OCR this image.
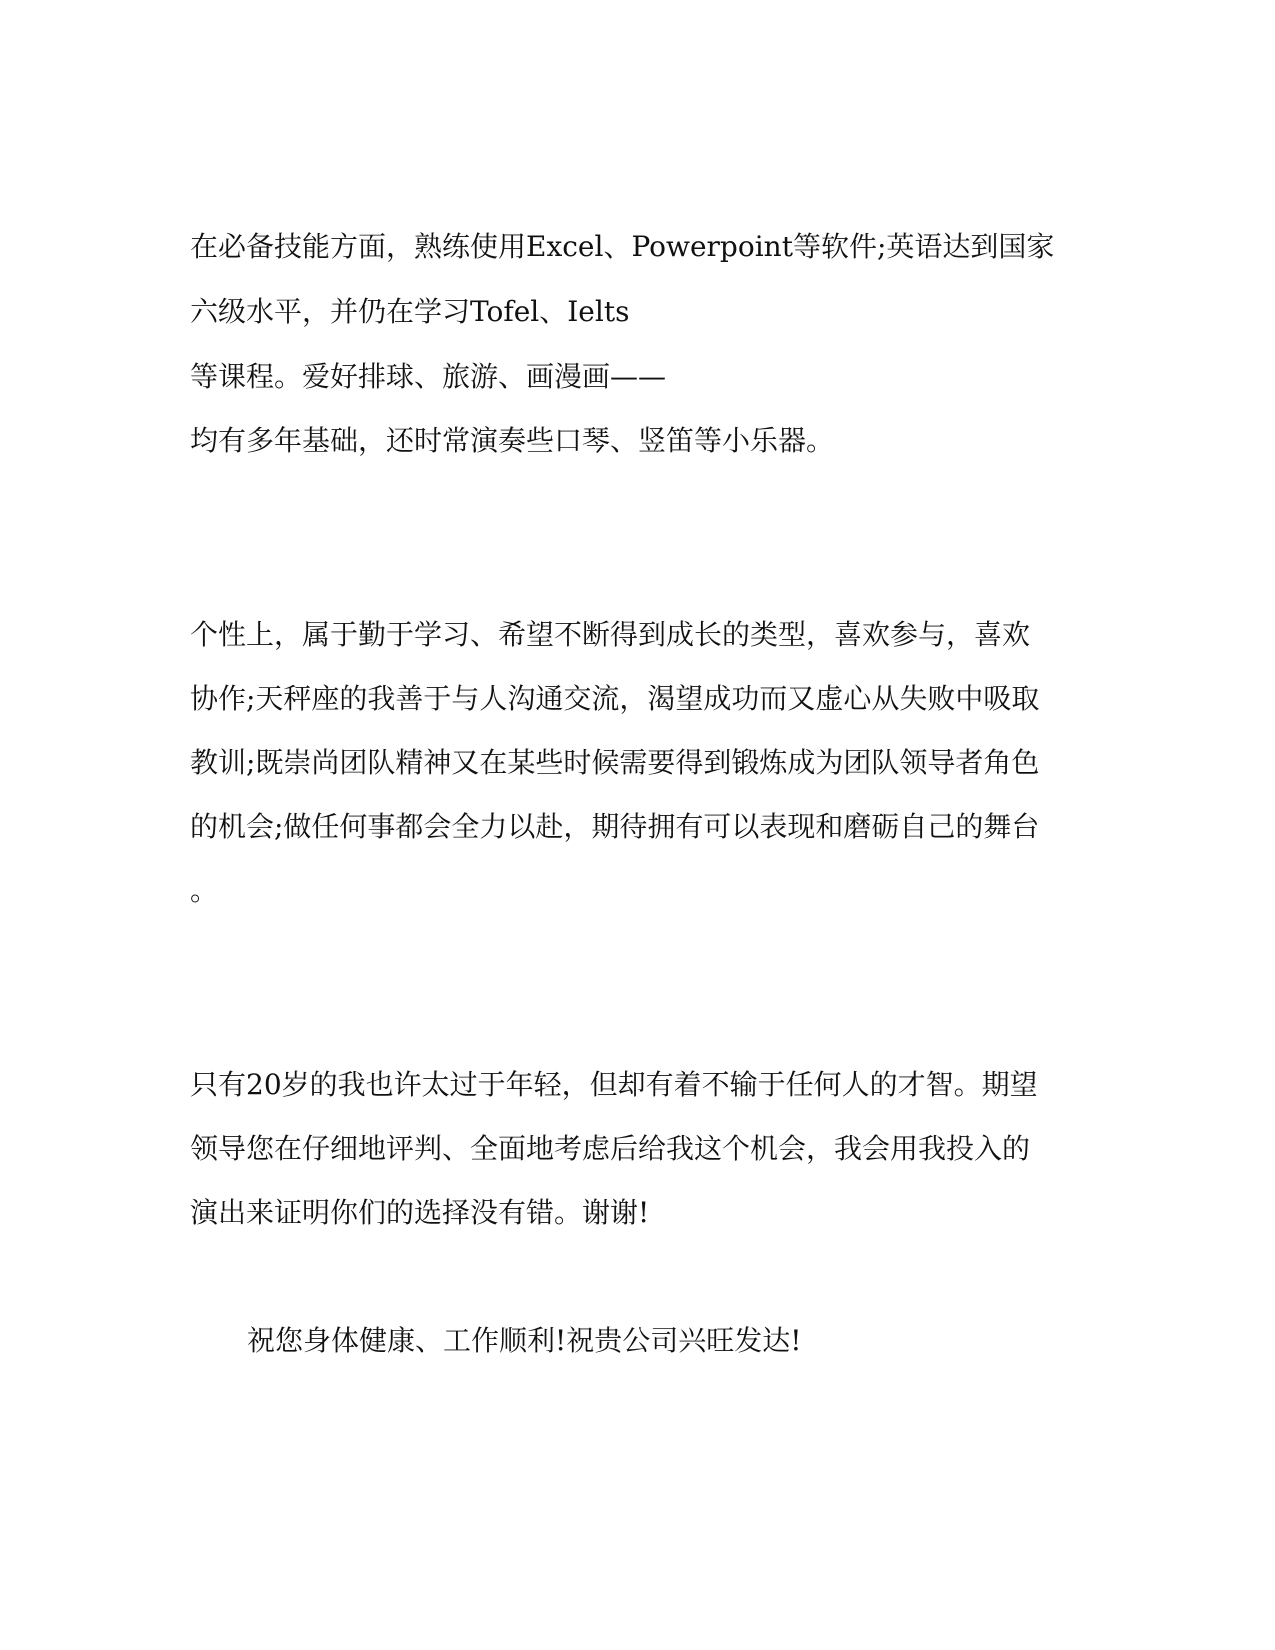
在必备技能方面，熟练使用Excel、Powerpoint等软件;英语达到国家
六级水平，并仍在学习Tofel、Ielts
等课程。爱好排球、旅游、画漫画——
均有多年基础，还时常演奏些口琴、竖笛等小乐器。
个性上，属于勤于学习、希望不断得到成长的类型，喜欢参与，喜欢
协作;天秤座的我善于与人沟通交流，渴望成功而又虚心从失败中吸取
教训;既崇尚团队精神又在某些时候需要得到锻炼成为团队领导者角色
的机会;做任何事都会全力以赴，期待拥有可以表现和磨砺自己的舞台
。
只有20岁的我也许太过于年轻，但却有着不输于任何人的才智。期望
领导您在仔细地评判、全面地考虑后给我这个机会，我会用我投入的
演出来证明你们的选择没有错。谢谢!
祝您身体健康、工作顺利!祝贵公司兴旺发达!
